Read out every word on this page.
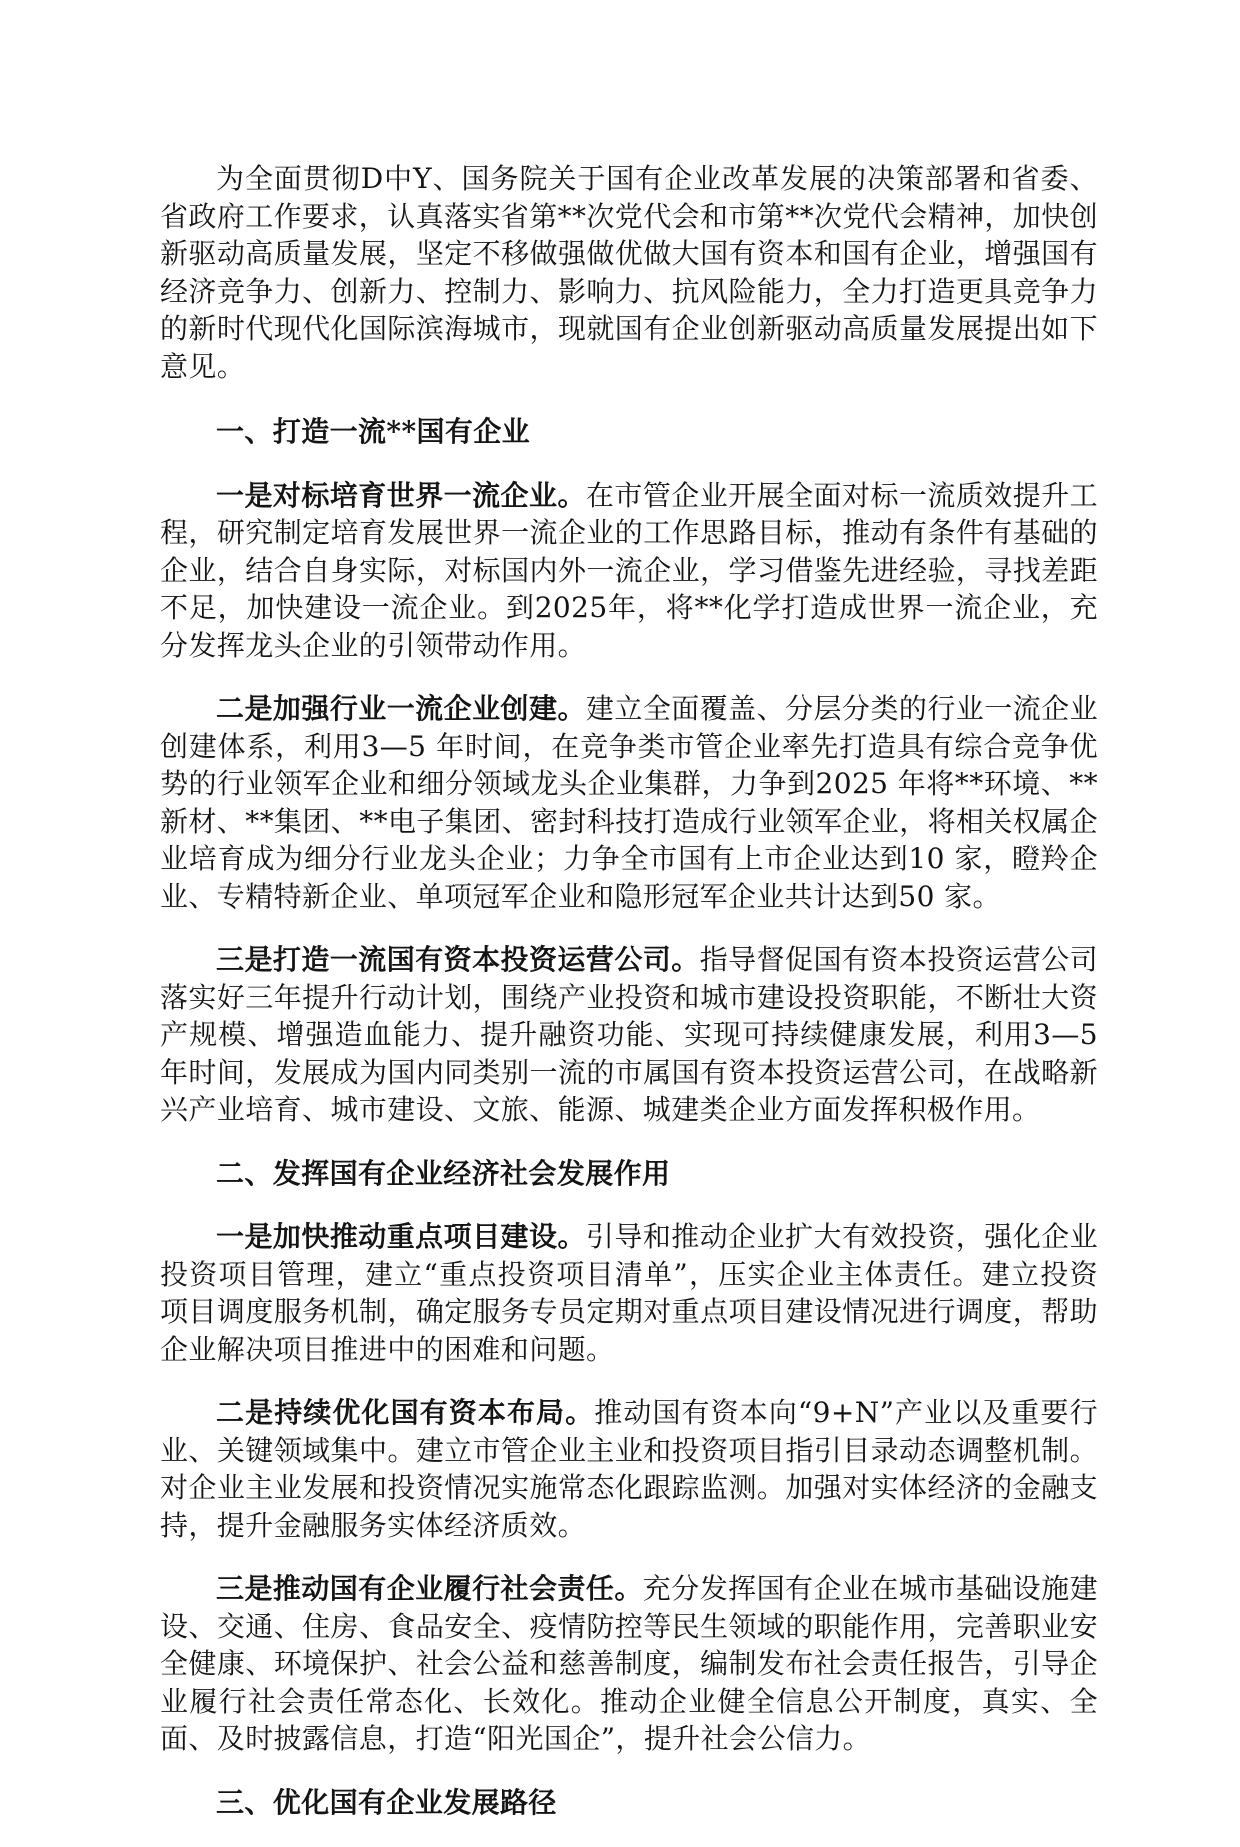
为全面贯彻D中Y、国务院关于国有企业改革发展的决策部署和省委、省政府工作要求，认真落实省第**次党代会和市第**次党代会精神，加快创新驱动高质量发展，坚定不移做强做优做大国有资本和国有企业，增强国有经济竞争力、创新力、控制力、影响力、抗风险能力，全力打造更具竞争力的新时代现代化国际滨海城市，现就国有企业创新驱动高质量发展提出如下意见。

一、打造一流**国有企业

一是对标培育世界一流企业。在市管企业开展全面对标一流质效提升工程，研究制定培育发展世界一流企业的工作思路目标，推动有条件有基础的企业，结合自身实际，对标国内外一流企业，学习借鉴先进经验，寻找差距不足，加快建设一流企业。到2025年，将**化学打造成世界一流企业，充分发挥龙头企业的引领带动作用。

二是加强行业一流企业创建。建立全面覆盖、分层分类的行业一流企业创建体系，利用3—5 年时间，在竞争类市管企业率先打造具有综合竞争优势的行业领军企业和细分领域龙头企业集群，力争到2025 年将**环境、**新材、**集团、**电子集团、密封科技打造成行业领军企业，将相关权属企业培育成为细分行业龙头企业；力争全市国有上市企业达到10 家，瞪羚企业、专精特新企业、单项冠军企业和隐形冠军企业共计达到50 家。

三是打造一流国有资本投资运营公司。指导督促国有资本投资运营公司落实好三年提升行动计划，围绕产业投资和城市建设投资职能，不断壮大资产规模、增强造血能力、提升融资功能、实现可持续健康发展，利用3—5年时间，发展成为国内同类别一流的市属国有资本投资运营公司，在战略新兴产业培育、城市建设、文旅、能源、城建类企业方面发挥积极作用。

二、发挥国有企业经济社会发展作用

一是加快推动重点项目建设。引导和推动企业扩大有效投资，强化企业投资项目管理，建立“重点投资项目清单”，压实企业主体责任。建立投资项目调度服务机制，确定服务专员定期对重点项目建设情况进行调度，帮助企业解决项目推进中的困难和问题。

二是持续优化国有资本布局。推动国有资本向“9+N”产业以及重要行业、关键领域集中。建立市管企业主业和投资项目指引目录动态调整机制。对企业主业发展和投资情况实施常态化跟踪监测。加强对实体经济的金融支持，提升金融服务实体经济质效。

三是推动国有企业履行社会责任。充分发挥国有企业在城市基础设施建设、交通、住房、食品安全、疫情防控等民生领域的职能作用，完善职业安全健康、环境保护、社会公益和慈善制度，编制发布社会责任报告，引导企业履行社会责任常态化、长效化。推动企业健全信息公开制度，真实、全面、及时披露信息，打造“阳光国企”，提升社会公信力。

三、优化国有企业发展路径
